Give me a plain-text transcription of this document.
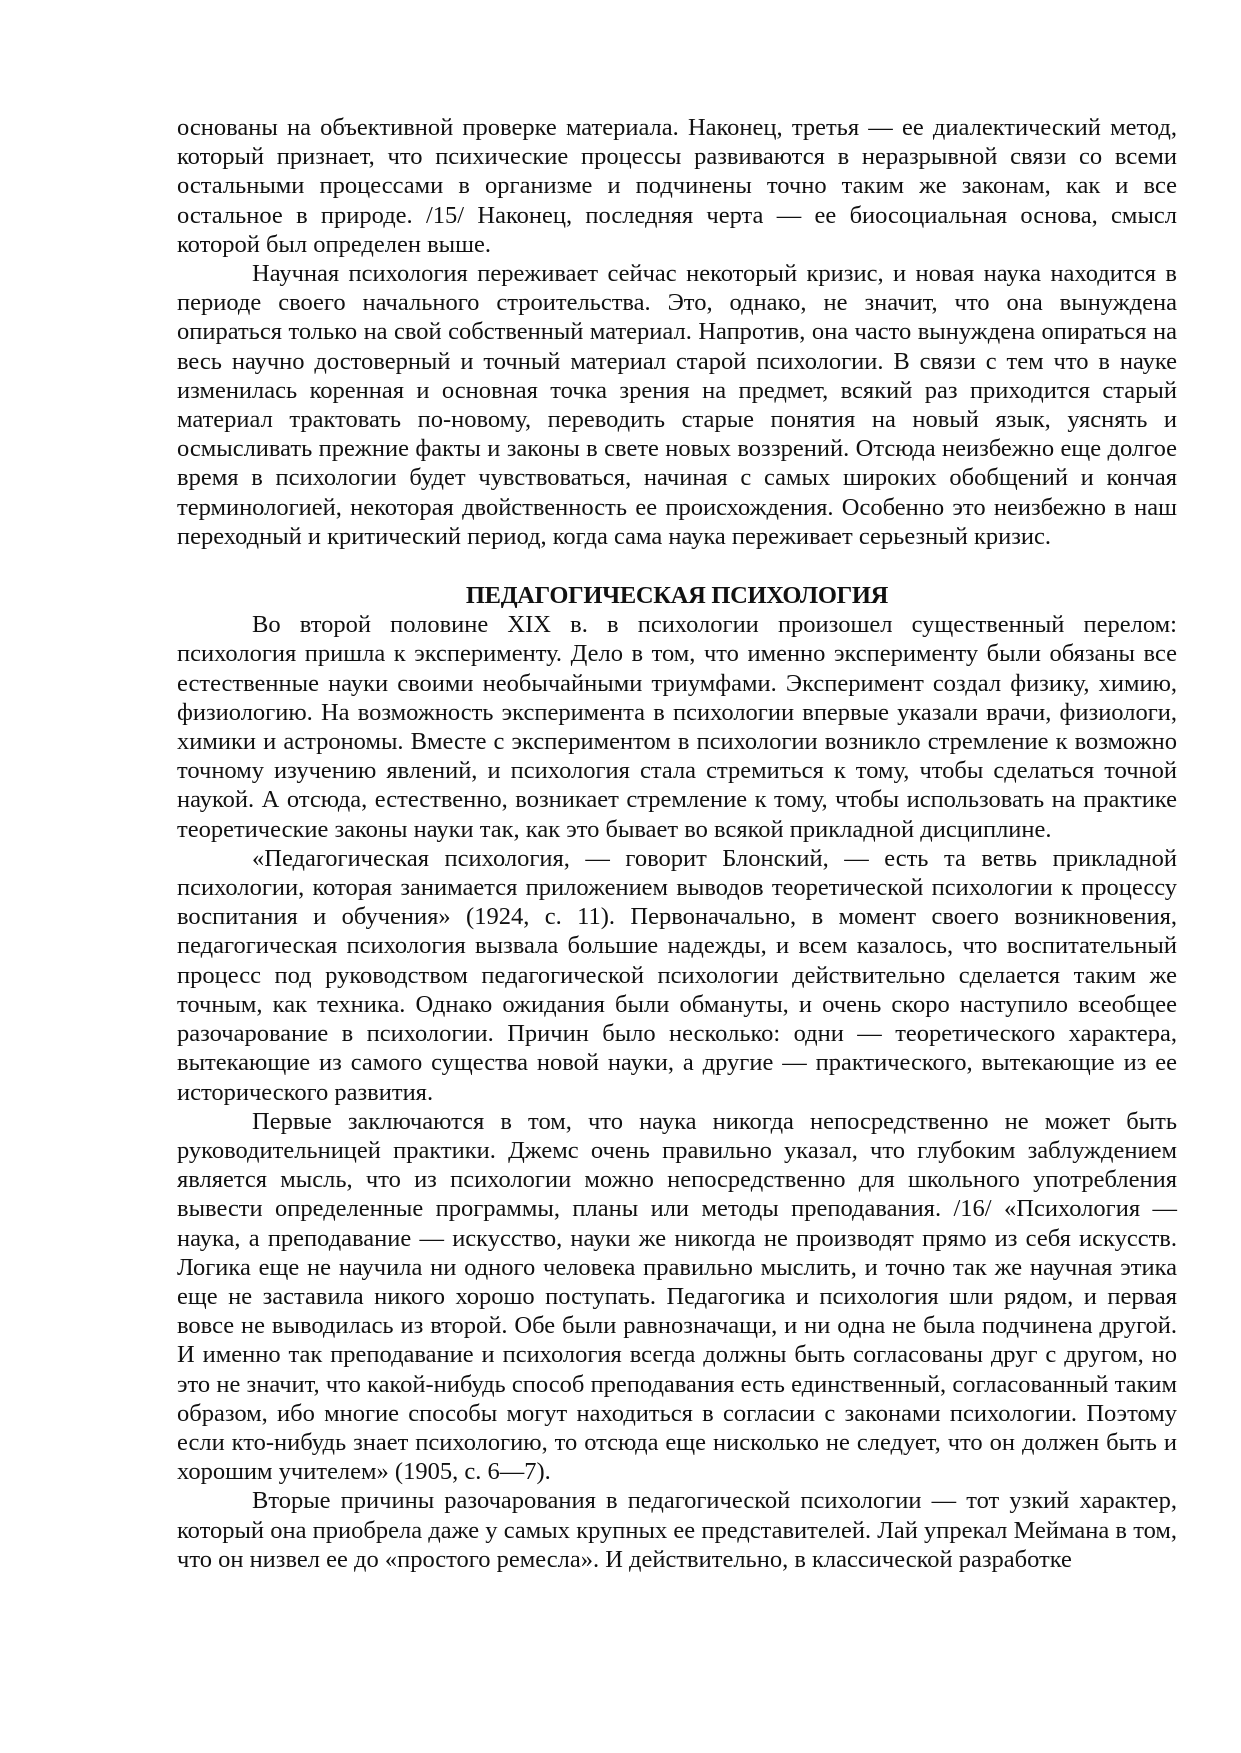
основаны на объективной проверке материала. Наконец, третья — ее диалектический метод, который признает, что психические процессы развиваются в неразрывной связи со всеми остальными процессами в организме и подчинены точно таким же законам, как и все остальное в природе. /15/ Наконец, последняя черта — ее биосоциальная основа, смысл которой был определен выше.

Научная психология переживает сейчас некоторый кризис, и новая наука находится в периоде своего начального строительства. Это, однако, не значит, что она вынуждена опираться только на свой собственный материал. Напротив, она часто вынуждена опираться на весь научно достоверный и точный материал старой психологии. В связи с тем что в науке изменилась коренная и основная точка зрения на предмет, всякий раз приходится старый материал трактовать по-новому, переводить старые понятия на новый язык, уяснять и осмысливать прежние факты и законы в свете новых воззрений. Отсюда неизбежно еще долгое время в психологии будет чувствоваться, начиная с самых широких обобщений и кончая терминологией, некоторая двойственность ее происхождения. Особенно это неизбежно в наш переходный и критический период, когда сама наука переживает серьезный кризис.

ПЕДАГОГИЧЕСКАЯ ПСИХОЛОГИЯ

Во второй половине XIX в. в психологии произошел существенный перелом: психология пришла к эксперименту. Дело в том, что именно эксперименту были обязаны все естественные науки своими необычайными триумфами. Эксперимент создал физику, химию, физиологию. На возможность эксперимента в психологии впервые указали врачи, физиологи, химики и астрономы. Вместе с экспериментом в психологии возникло стремление к возможно точному изучению явлений, и психология стала стремиться к тому, чтобы сделаться точной наукой. А отсюда, естественно, возникает стремление к тому, чтобы использовать на практике теоретические законы науки так, как это бывает во всякой прикладной дисциплине.

«Педагогическая психология, — говорит Блонский, — есть та ветвь прикладной психологии, которая занимается приложением выводов теоретической психологии к процессу воспитания и обучения» (1924, с. 11). Первоначально, в момент своего возникновения, педагогическая психология вызвала большие надежды, и всем казалось, что воспитательный процесс под руководством педагогической психологии действительно сделается таким же точным, как техника. Однако ожидания были обмануты, и очень скоро наступило всеобщее разочарование в психологии. Причин было несколько: одни — теоретического характера, вытекающие из самого существа новой науки, а другие — практического, вытекающие из ее исторического развития.

Первые заключаются в том, что наука никогда непосредственно не может быть руководительницей практики. Джемс очень правильно указал, что глубоким заблуждением является мысль, что из психологии можно непосредственно для школьного употребления вывести определенные программы, планы или методы преподавания. /16/ «Психология — наука, а преподавание — искусство, науки же никогда не производят прямо из себя искусств. Логика еще не научила ни одного человека правильно мыслить, и точно так же научная этика еще не заставила никого хорошо поступать. Педагогика и психология шли рядом, и первая вовсе не выводилась из второй. Обе были равнозначащи, и ни одна не была подчинена другой. И именно так преподавание и психология всегда должны быть согласованы друг с другом, но это не значит, что какой-нибудь способ преподавания есть единственный, согласованный таким образом, ибо многие способы могут находиться в согласии с законами психологии. Поэтому если кто-нибудь знает психологию, то отсюда еще нисколько не следует, что он должен быть и хорошим учителем» (1905, с. 6—7).

Вторые причины разочарования в педагогической психологии — тот узкий характер, который она приобрела даже у самых крупных ее представителей. Лай упрекал Меймана в том, что он низвел ее до «простого ремесла». И действительно, в классической разработке
